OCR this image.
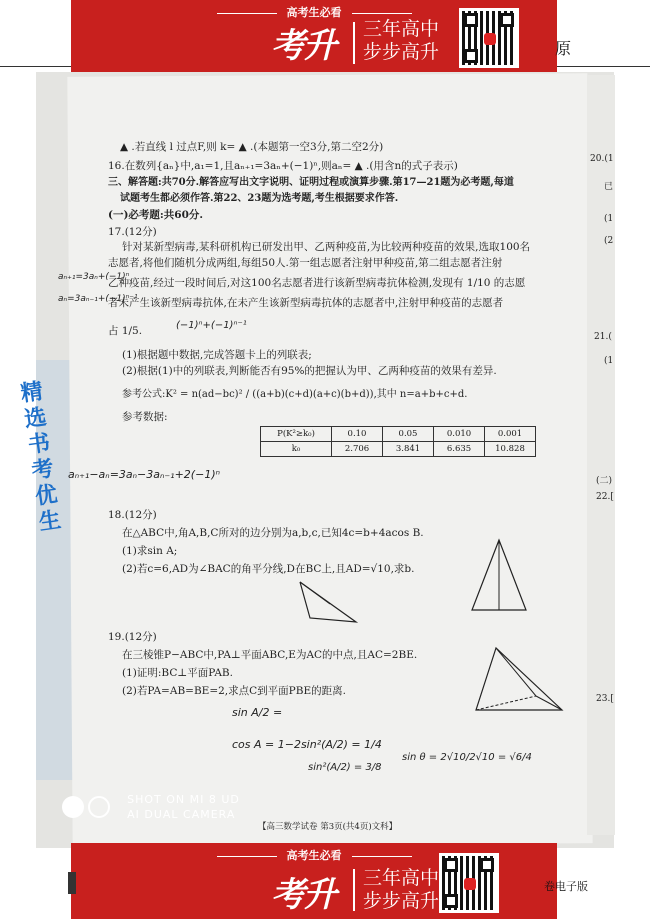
高考生必看
考升 三年高中
步步高升	原
精
选
书
考
优
生
20.(1
已
(1
(2
21.(
(1
(二)
22.[
23.[
▲ .若直线 l 过点F,则 k= ▲ .(本题第一空3分,第二空2分)
16.在数列{aₙ}中,a₁=1,且aₙ₊₁=3aₙ+(−1)ⁿ,则aₙ= ▲ .(用含n的式子表示)
三、解答题:共70分.解答应写出文字说明、证明过程或演算步骤.第17—21题为必考题,每道
试题考生都必须作答.第22、23题为选考题,考生根据要求作答.
(一)必考题:共60分.
17.(12分)
针对某新型病毒,某科研机构已研发出甲、乙两种疫苗,为比较两种疫苗的效果,选取100名
志愿者,将他们随机分成两组,每组50人.第一组志愿者注射甲种疫苗,第二组志愿者注射
乙种疫苗,经过一段时间后,对这100名志愿者进行该新型病毒抗体检测,发现有 1/10 的志愿
者未产生该新型病毒抗体,在未产生该新型病毒抗体的志愿者中,注射甲种疫苗的志愿者
占 1/5.
(1)根据题中数据,完成答题卡上的列联表;
(2)根据(1)中的列联表,判断能否有95%的把握认为甲、乙两种疫苗的效果有差异.
参考公式:K² = n(ad−bc)² / ((a+b)(c+d)(a+c)(b+d)),其中 n=a+b+c+d.
参考数据:
P(K²≥k₀)	0.10	0.05	0.010	0.001
k₀	2.706	3.841	6.635	10.828
18.(12分)
在△ABC中,角A,B,C所对的边分别为a,b,c,已知4c=b+4acos B.
(1)求sin A;
(2)若c=6,AD为∠BAC的角平分线,D在BC上,且AD=√10,求b.
19.(12分)
在三棱锥P−ABC中,PA⊥平面ABC,E为AC的中点,且AC=2BE.
(1)证明:BC⊥平面PAB.
(2)若PA=AB=BE=2,求点C到平面PBE的距离.
【高三数学试卷 第3页(共4页)文科】
aₙ₊₁=3aₙ+(−1)ⁿ
aₙ=3aₙ₋₁+(−1)ⁿ⁻¹
(−1)ⁿ+(−1)ⁿ⁻¹
aₙ₊₁−aₙ=3aₙ−3aₙ₋₁+2(−1)ⁿ
sin A/2 =
cos A = 1−2sin²(A/2) = 1/4
sin²(A/2) = 3/8
sin θ = 2√10/2√10 = √6/4
SHOT ON MI 8 UD
AI DUAL CAMERA
高考生必看
考升 三年高中
步步高升
卷电子版
